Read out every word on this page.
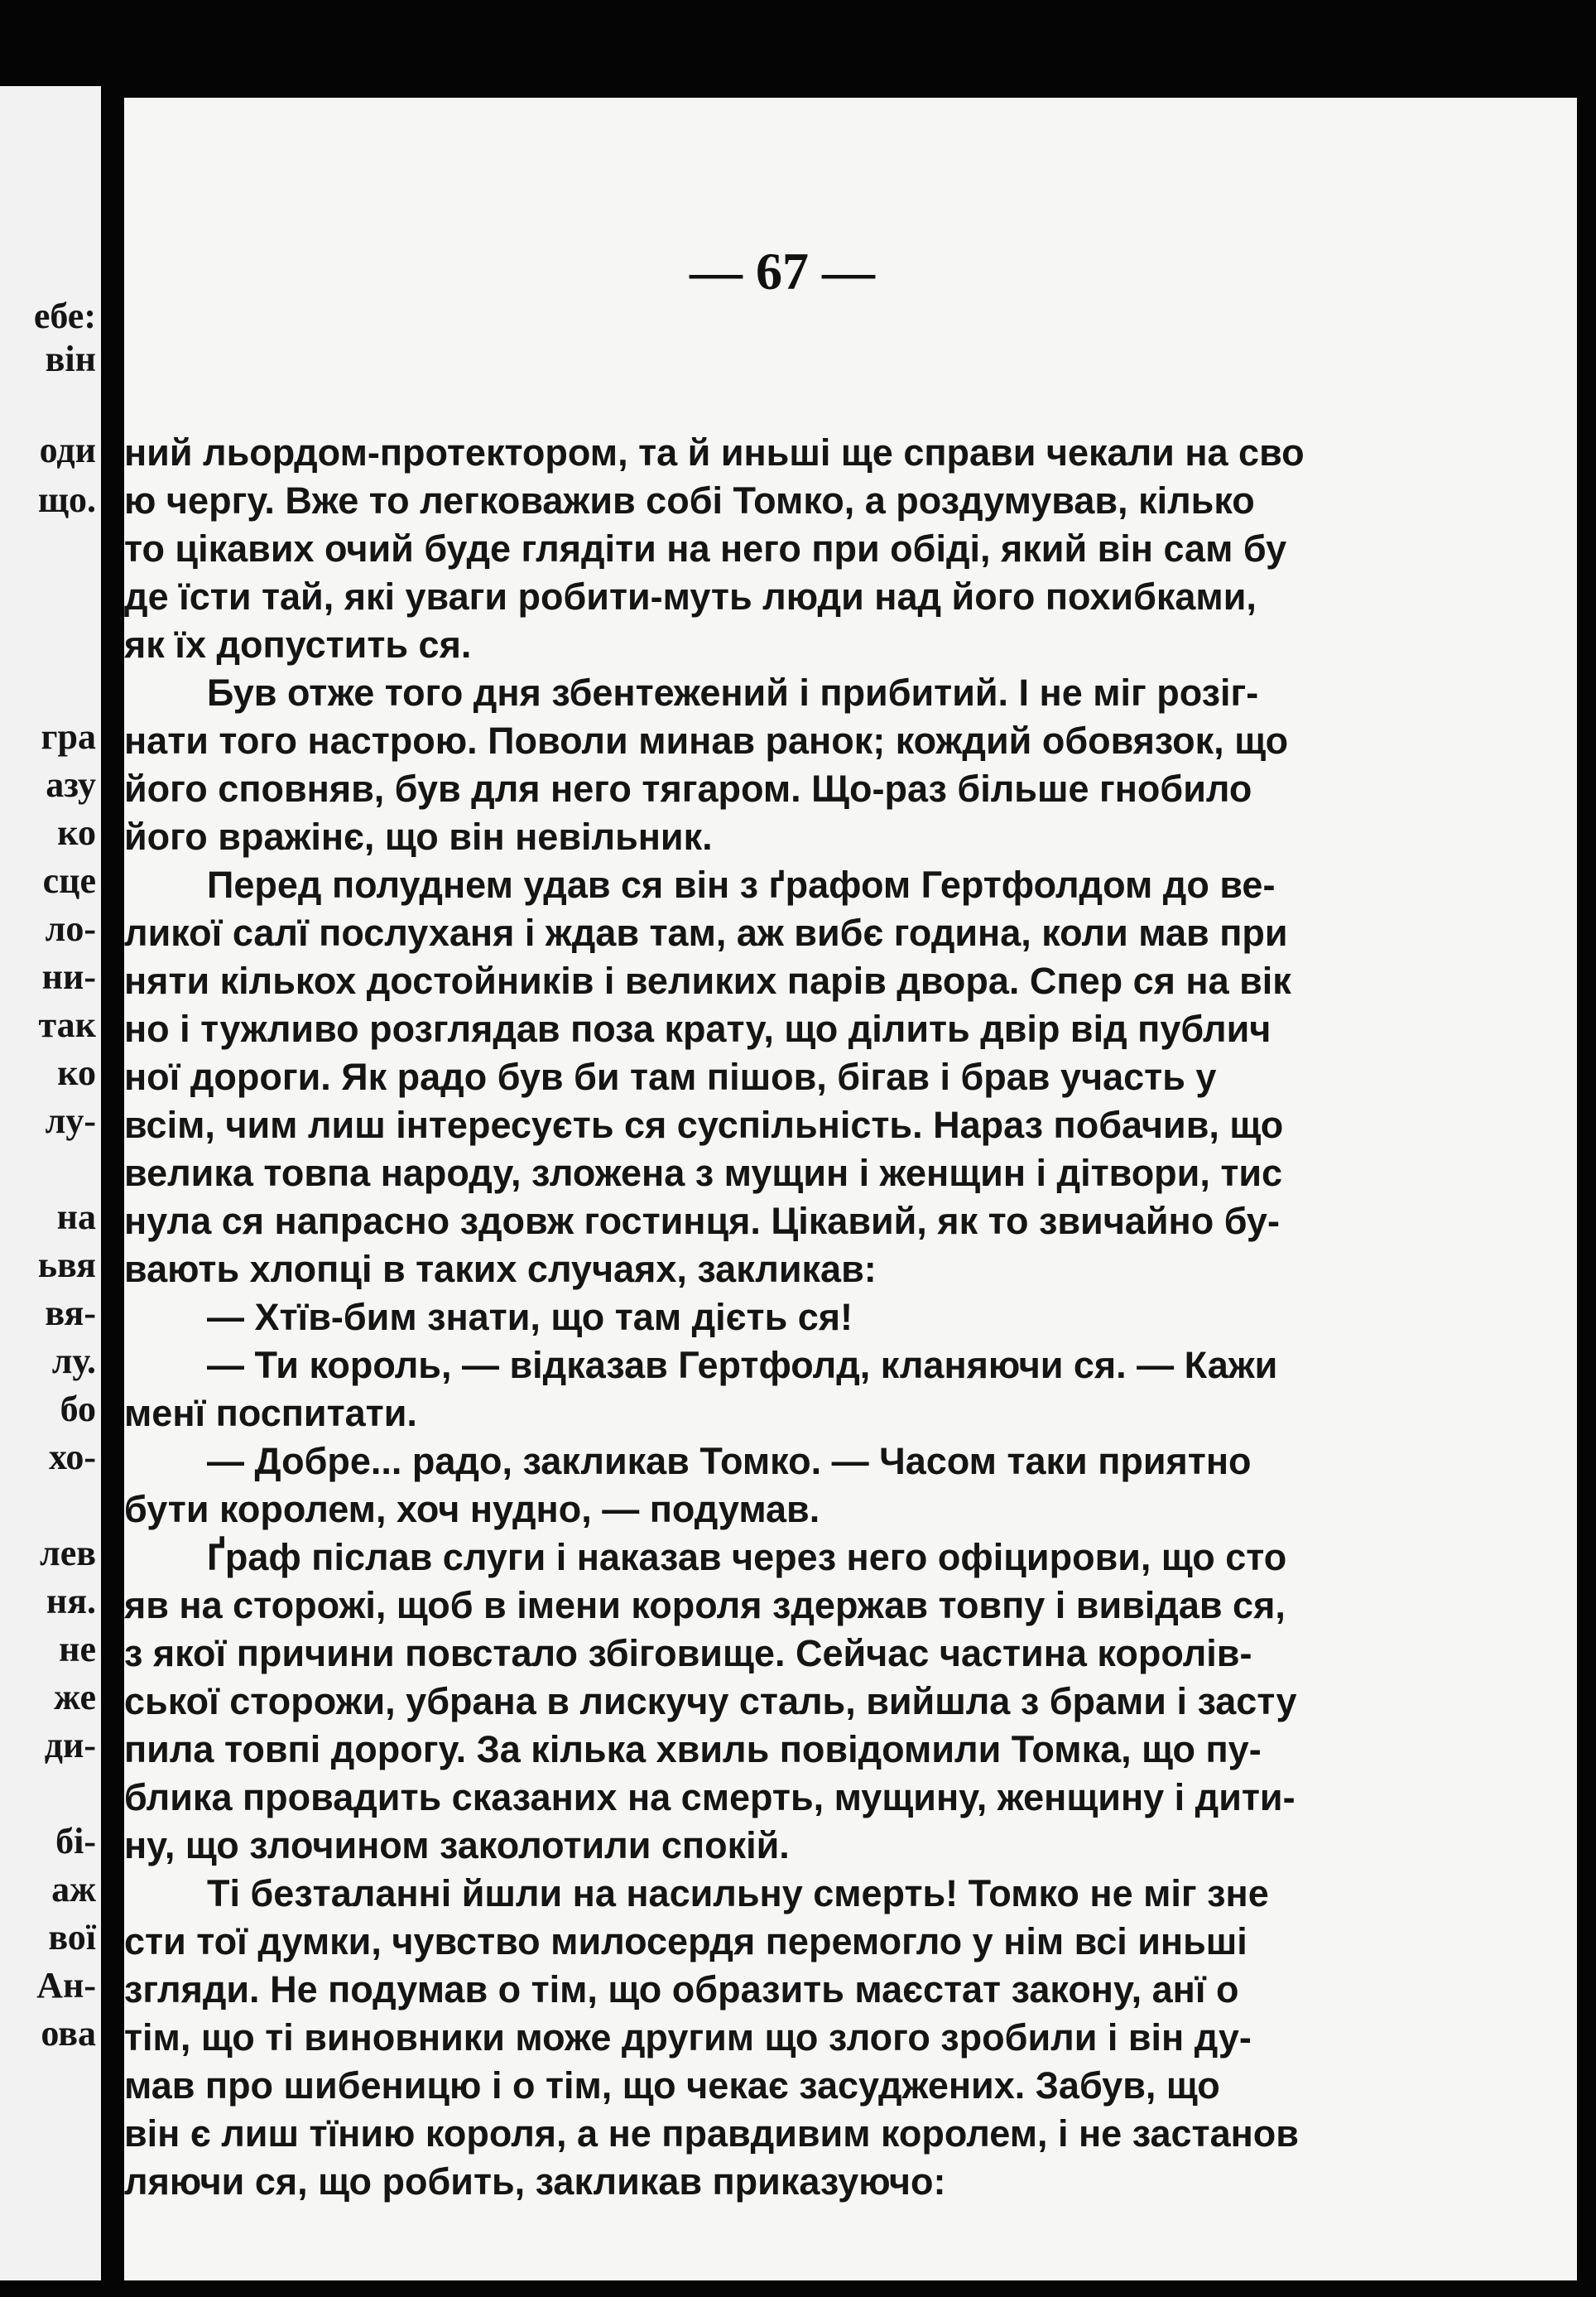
ебе:
він
оди
що.
гра
азу
ко
сце
ло-
ни-
так
ко
лу-
на
ьвя
вя-
лу.
бо
хо-
лев
ня.
не
же
ди-
бі-
аж
вої
Ан-
ова
— 67 —
ний льордом-протектором, та й иньші ще справи чекали на сво
ю чергу. Вже то легковажив собі Томко, а роздумував, кілько
то цікавих очий буде глядіти на него при обіді, який він сам бу
де їсти тай, які уваги робити-муть люди над його похибками,
як їх допустить ся.
Був отже того дня збентежений і прибитий. І не міг розіг-
нати того настрою. Поволи минав ранок; кождий обовязок, що
його сповняв, був для него тягаром. Що-раз більше гнобило
його вражінє, що він невільник.
Перед полуднем удав ся він з ґрафом Гертфолдом до ве-
ликої салї послуханя і ждав там, аж вибє година, коли мав при
няти кількох достойників і великих парів двора. Спер ся на вік
но і тужливо розглядав поза крату, що ділить двір від публич
ної дороги. Як радо був би там пішов, бігав і брав участь у
всім, чим лиш інтересуєть ся суспільність. Нараз побачив, що
велика товпа народу, зложена з мущин і женщин і дітвори, тис
нула ся напрасно здовж гостинця. Цікавий, як то звичайно бу-
вають хлопці в таких случаях, закликав:
— Хтїв-бим знати, що там дієть ся!
— Ти король, — відказав Гертфолд, кланяючи ся. — Кажи
менї поспитати.
— Добре... радо, закликав Томко. — Часом таки приятно
бути королем, хоч нудно, — подумав.
Ґраф післав слуги і наказав через него офіцирови, що сто
яв на сторожі, щоб в імени короля здержав товпу і вивідав ся,
з якої причини повстало збіговище. Сейчас частина королів-
ської сторожи, убрана в лискучу сталь, вийшла з брами і засту
пила товпі дорогу. За кілька хвиль повідомили Томка, що пу-
блика провадить сказаних на смерть, мущину, женщину і дити-
ну, що злочином заколотили спокій.
Ті безталанні йшли на насильну смерть! Томко не міг зне
сти тої думки, чувство милосердя перемогло у нім всі иньші
згляди. Не подумав о тім, що образить маєстат закону, анї о
тім, що ті виновники може другим що злого зробили і він ду-
мав про шибеницю і о тім, що чекає засуджених. Забув, що
він є лиш тїнию короля, а не правдивим королем, і не застанов
ляючи ся, що робить, закликав приказуючо:
